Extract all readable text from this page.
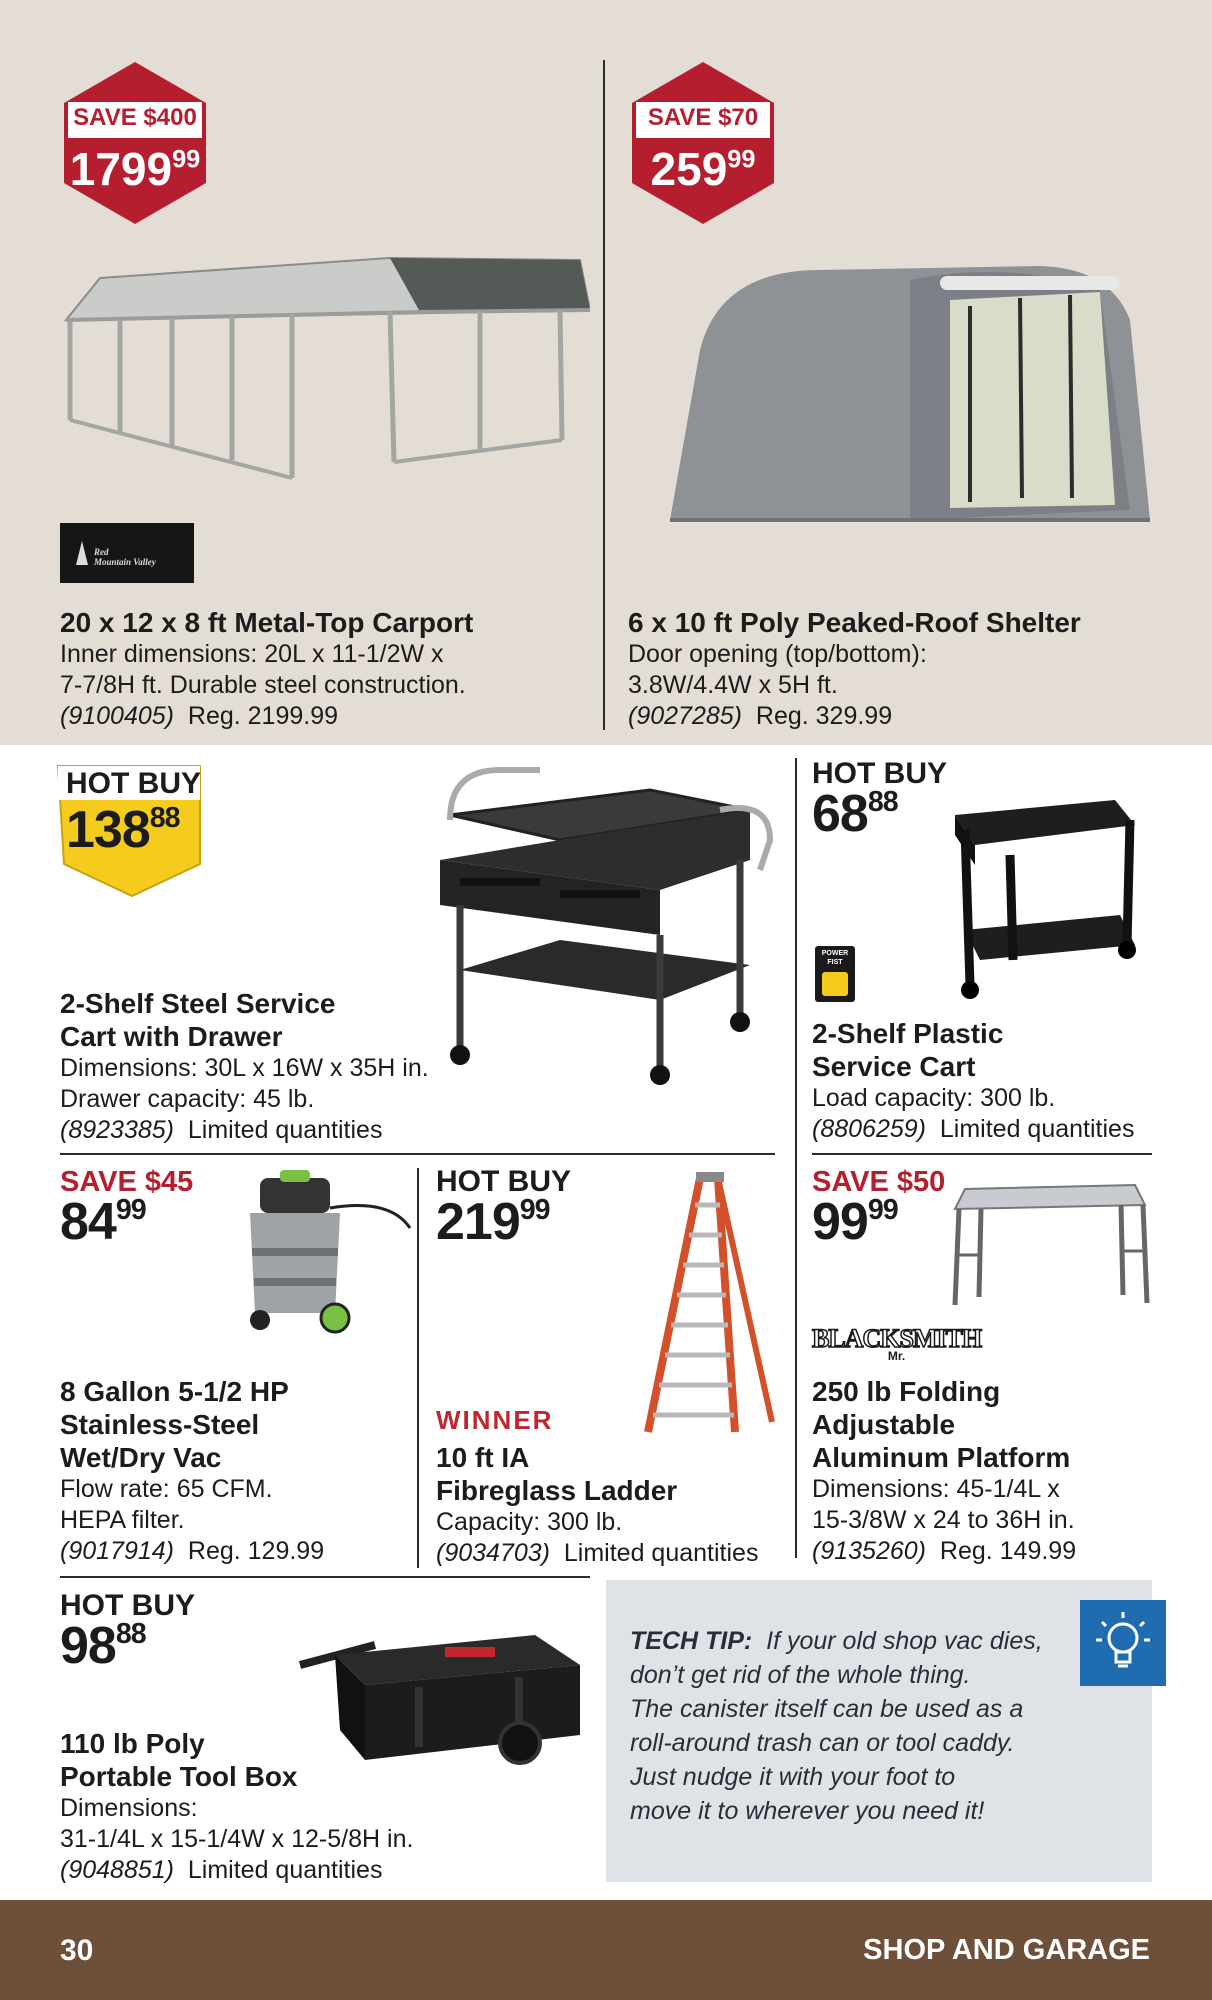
SAVE $400
1799$^{99}$
Red
Mountain Valley
20 x 12 x 8 ft Metal-Top Carport
Inner dimensions: 20L x 11-1/2W x
7-7/8H ft. Durable steel construction.
(9100405) Reg. 2199.99
SAVE $70
$259^{99}$
6 x 10 ft Poly Peaked-Roof Shelter
Door opening (top/bottom):
3.8W/4.4W x 5H ft.
(9027285) Reg. 329.99
HOT BUY
$138^{88}$
2-Shelf Steel Service
Cart with Drawer
Dimensions: 30L x 16W x 35H in.
Drawer capacity: 45 lb.
(8923385) Limited quantities
HOT BUY
$68^{88}$
POWER
FIST
2-Shelf Plastic
Service Cart
Load capacity: 300 lb.
(8806259) Limited quantities
SAVE $45
$84^{99}$
8 Gallon 5-1/2 HP
Stainless-Steel
Wet/Dry Vac
Flow rate: 65 CFM.
HEPA filter.
(9017914) Reg. 129.99
HOT BUY
$219^{99}$
WINNER
10 ft IA
Fibreglass Ladder
Capacity: 300 lb.
(9034703) Limited quantities
SAVE $50
$99^{99}$
BLACKSMITH
Mr.
250 lb Folding
Adjustable
Aluminum Platform
Dimensions: 45-1/4L x
15-3/8W x 24 to 36H in.
(9135260) Reg. 149.99
HOT BUY
$98^{88}$
110 lb Poly
Portable Tool Box
Dimensions:
31-1/4L x 15-1/4W x 12-5/8H in.
(9048851) Limited quantities
TECH TIP: If your old shop vac dies,
don’t get rid of the whole thing.
The canister itself can be used as a
roll-around trash can or tool caddy.
Just nudge it with your foot to
move it to wherever you need it!
30	SHOP AND GARAGE
